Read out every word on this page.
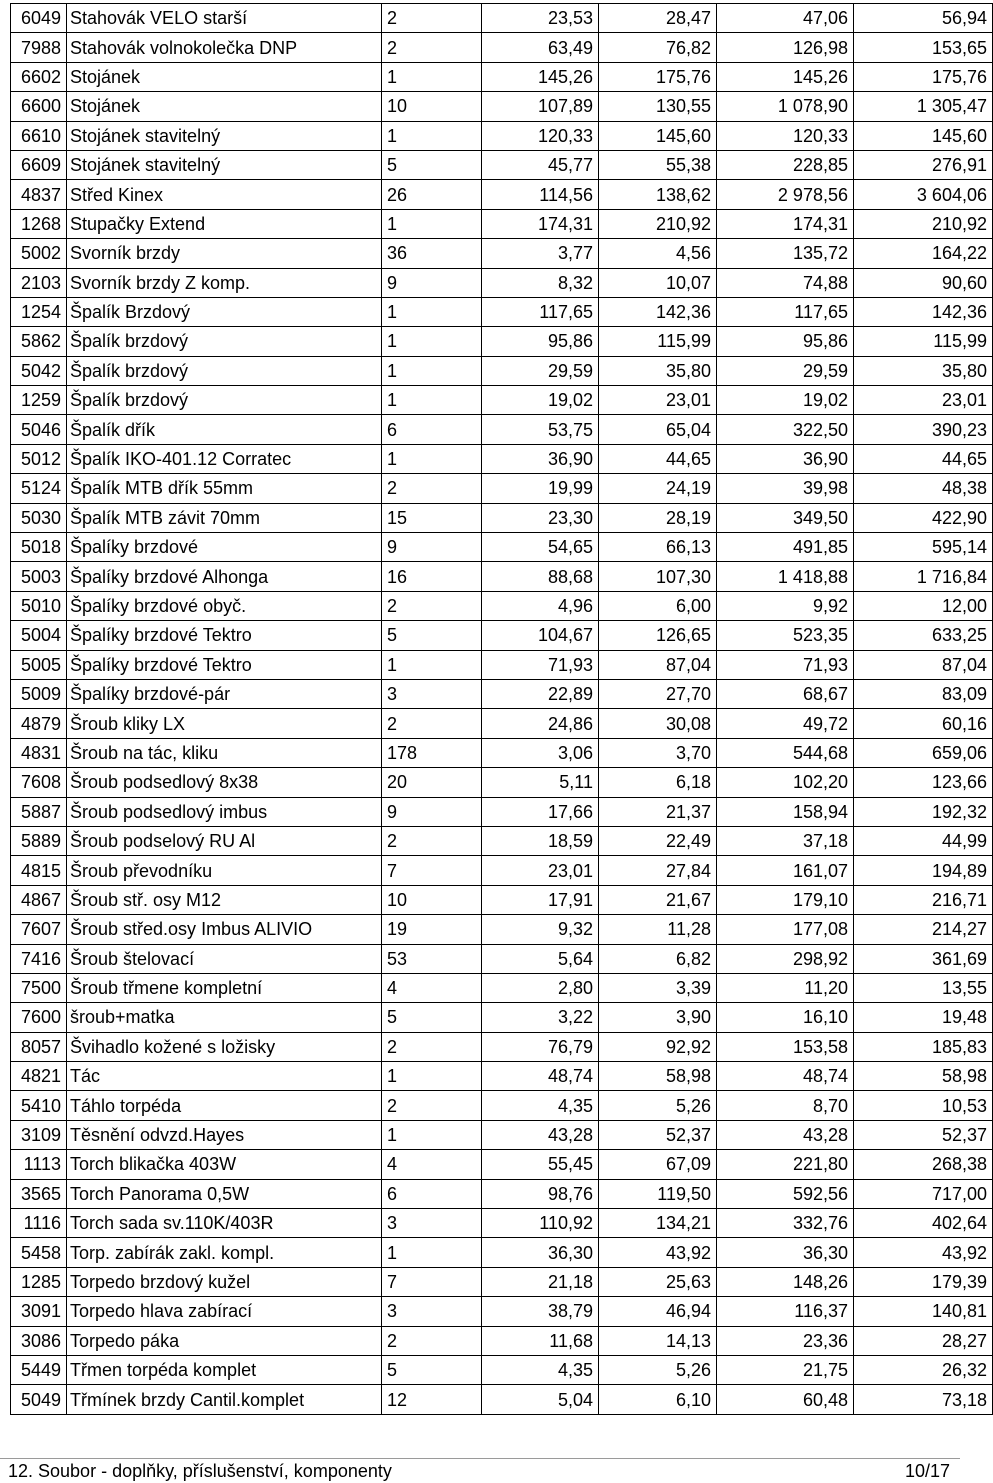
6049	Stahovák VELO starší	2	23,53	28,47	47,06	56,94
7988	Stahovák volnokolečka DNP	2	63,49	76,82	126,98	153,65
6602	Stojánek	1	145,26	175,76	145,26	175,76
6600	Stojánek	10	107,89	130,55	1 078,90	1 305,47
6610	Stojánek stavitelný	1	120,33	145,60	120,33	145,60
6609	Stojánek stavitelný	5	45,77	55,38	228,85	276,91
4837	Střed Kinex	26	114,56	138,62	2 978,56	3 604,06
1268	Stupačky Extend	1	174,31	210,92	174,31	210,92
5002	Svorník brzdy	36	3,77	4,56	135,72	164,22
2103	Svorník brzdy Z komp.	9	8,32	10,07	74,88	90,60
1254	Špalík Brzdový	1	117,65	142,36	117,65	142,36
5862	Špalík brzdový	1	95,86	115,99	95,86	115,99
5042	Špalík brzdový	1	29,59	35,80	29,59	35,80
1259	Špalík brzdový	1	19,02	23,01	19,02	23,01
5046	Špalík dřík	6	53,75	65,04	322,50	390,23
5012	Špalík IKO-401.12 Corratec	1	36,90	44,65	36,90	44,65
5124	Špalík MTB dřík 55mm	2	19,99	24,19	39,98	48,38
5030	Špalík MTB závit 70mm	15	23,30	28,19	349,50	422,90
5018	Špalíky brzdové	9	54,65	66,13	491,85	595,14
5003	Špalíky brzdové Alhonga	16	88,68	107,30	1 418,88	1 716,84
5010	Špalíky brzdové obyč.	2	4,96	6,00	9,92	12,00
5004	Špalíky brzdové Tektro	5	104,67	126,65	523,35	633,25
5005	Špalíky brzdové Tektro	1	71,93	87,04	71,93	87,04
5009	Špalíky brzdové-pár	3	22,89	27,70	68,67	83,09
4879	Šroub kliky LX	2	24,86	30,08	49,72	60,16
4831	Šroub na tác, kliku	178	3,06	3,70	544,68	659,06
7608	Šroub podsedlový 8x38	20	5,11	6,18	102,20	123,66
5887	Šroub podsedlový imbus	9	17,66	21,37	158,94	192,32
5889	Šroub podselový RU Al	2	18,59	22,49	37,18	44,99
4815	Šroub převodníku	7	23,01	27,84	161,07	194,89
4867	Šroub stř. osy M12	10	17,91	21,67	179,10	216,71
7607	Šroub střed.osy Imbus ALIVIO	19	9,32	11,28	177,08	214,27
7416	Šroub štelovací	53	5,64	6,82	298,92	361,69
7500	Šroub třmene kompletní	4	2,80	3,39	11,20	13,55
7600	šroub+matka	5	3,22	3,90	16,10	19,48
8057	Švihadlo kožené s ložisky	2	76,79	92,92	153,58	185,83
4821	Tác	1	48,74	58,98	48,74	58,98
5410	Táhlo torpéda	2	4,35	5,26	8,70	10,53
3109	Těsnění odvzd.Hayes	1	43,28	52,37	43,28	52,37
1113	Torch blikačka 403W	4	55,45	67,09	221,80	268,38
3565	Torch Panorama 0,5W	6	98,76	119,50	592,56	717,00
1116	Torch sada sv.110K/403R	3	110,92	134,21	332,76	402,64
5458	Torp. zabírák zakl. kompl.	1	36,30	43,92	36,30	43,92
1285	Torpedo brzdový kužel	7	21,18	25,63	148,26	179,39
3091	Torpedo hlava zabírací	3	38,79	46,94	116,37	140,81
3086	Torpedo páka	2	11,68	14,13	23,36	28,27
5449	Třmen torpéda komplet	5	4,35	5,26	21,75	26,32
5049	Třmínek brzdy Cantil.komplet	12	5,04	6,10	60,48	73,18
12. Soubor - doplňky, příslušenství, komponenty	10/17
